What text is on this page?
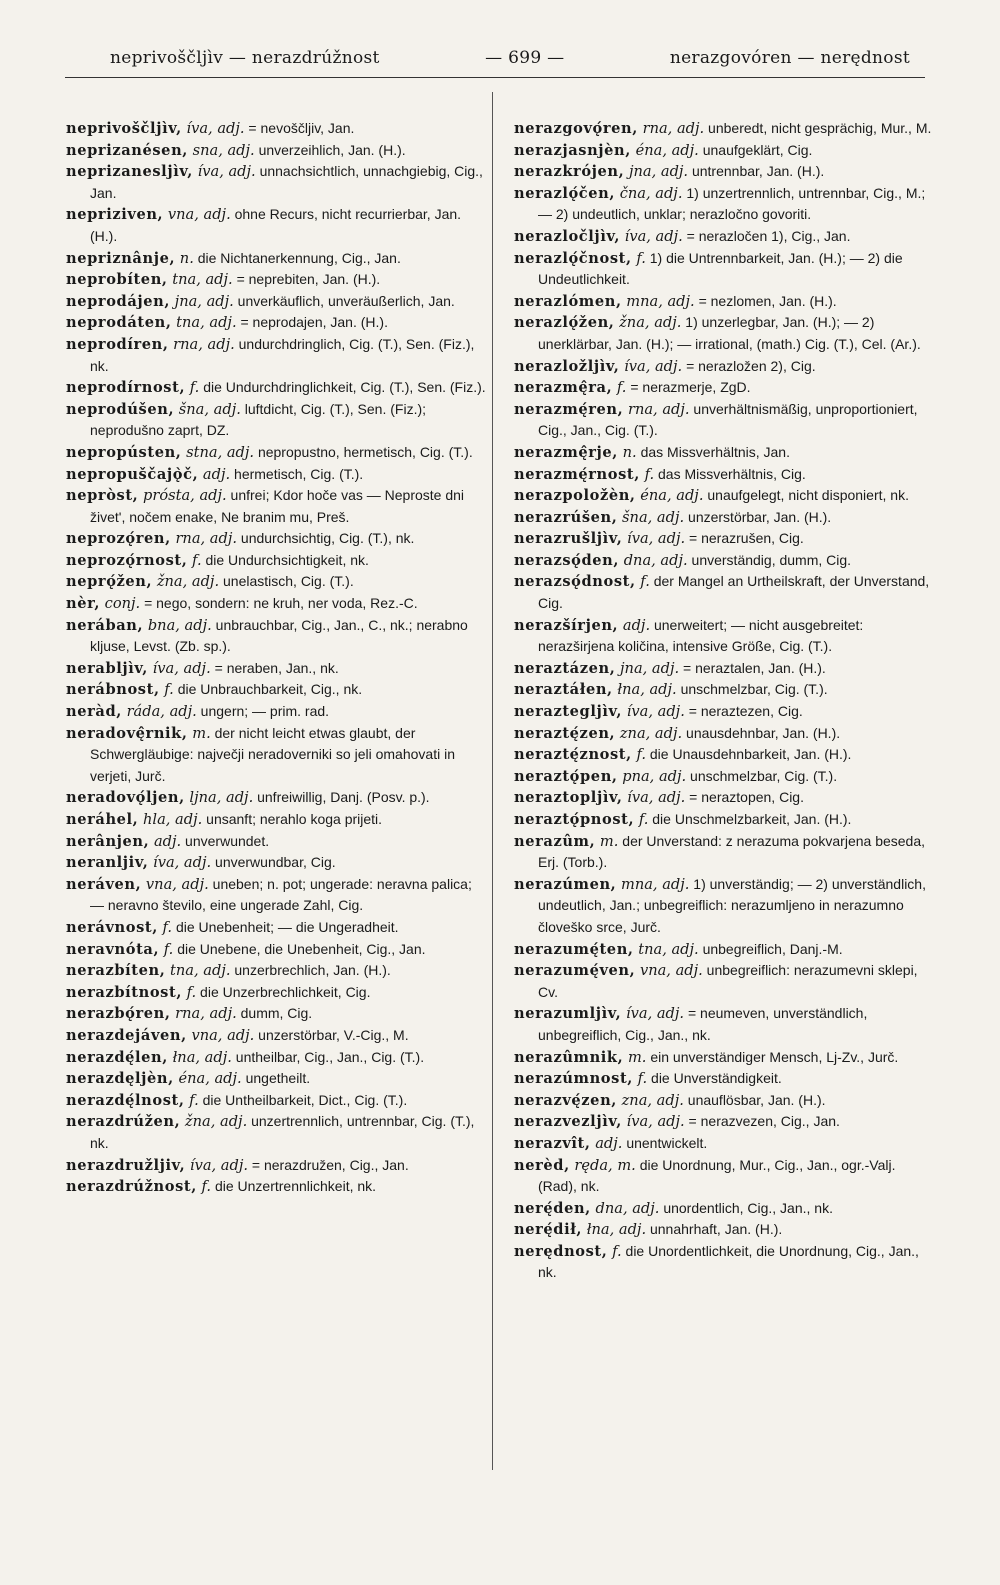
neprivoščljìv — nerazdrúžnost	— 699 —	nerazgovóren — nerędnost

neprivoščljìv, íva, adj. = nevoščljiv, Jan.

neprizanésen, sna, adj. unverzeihlich, Jan. (H.).

neprizanesljìv, íva, adj. unnachsichtlich, unnachgiebig, Cig., Jan.

nepriziven, vna, adj. ohne Recurs, nicht recurrierbar, Jan. (H.).

nepriznânje, n. die Nichtanerkennung, Cig., Jan.

neprobíten, tna, adj. = neprebiten, Jan. (H.).

neprodájen, jna, adj. unverkäuflich, unveräußerlich, Jan.

neprodáten, tna, adj. = neprodajen, Jan. (H.).

neprodíren, rna, adj. undurchdringlich, Cig. (T.), Sen. (Fiz.), nk.

neprodírnost, f. die Undurchdringlichkeit, Cig. (T.), Sen. (Fiz.).

neprodúšen, šna, adj. luftdicht, Cig. (T.), Sen. (Fiz.); neprodušno zaprt, DZ.

nepropústen, stna, adj. nepropustno, hermetisch, Cig. (T.).

nepropuščajǫ̀č, adj. hermetisch, Cig. (T.).

nepròst, prósta, adj. unfrei; Kdor hoče vas — Neproste dni živet', nočem enake, Ne branim mu, Preš.

neprozǫ́ren, rna, adj. undurchsichtig, Cig. (T.), nk.

neprozǫ́rnost, f. die Undurchsichtigkeit, nk.

neprǫ́žen, žna, adj. unelastisch, Cig. (T.).

nèr, conj. = nego, sondern: ne kruh, ner voda, Rez.-C.

nerában, bna, adj. unbrauchbar, Cig., Jan., C., nk.; nerabno kljuse, Levst. (Zb. sp.).

nerabljìv, íva, adj. = neraben, Jan., nk.

nerábnost, f. die Unbrauchbarkeit, Cig., nk.

neràd, ráda, adj. ungern; — prim. rad.

neradovę̂rnik, m. der nicht leicht etwas glaubt, der Schwergläubige: največji neradoverniki so jeli omahovati in verjeti, Jurč.

neradovǫ́ljen, ljna, adj. unfreiwillig, Danj. (Posv. p.).

neráhel, hla, adj. unsanft; nerahlo koga prijeti.

nerânjen, adj. unverwundet.

neranljiv, íva, adj. unverwundbar, Cig.

neráven, vna, adj. uneben; n. pot; ungerade: neravna palica; — neravno število, eine ungerade Zahl, Cig.

nerávnost, f. die Unebenheit; — die Ungeradheit.

neravnóta, f. die Unebene, die Unebenheit, Cig., Jan.

nerazbíten, tna, adj. unzerbrechlich, Jan. (H.).

nerazbítnost, f. die Unzerbrechlichkeit, Cig.

nerazbǫ́ren, rna, adj. dumm, Cig.

nerazdejáven, vna, adj. unzerstörbar, V.-Cig., M.

nerazdę́len, łna, adj. untheilbar, Cig., Jan., Cig. (T.).

nerazdęljèn, éna, adj. ungetheilt.

nerazdę́lnost, f. die Untheilbarkeit, Dict., Cig. (T.).

nerazdrúžen, žna, adj. unzertrennlich, untrennbar, Cig. (T.), nk.

nerazdružljiv, íva, adj. = nerazdružen, Cig., Jan.

nerazdrúžnost, f. die Unzertrennlichkeit, nk.

nerazgovǫ́ren, rna, adj. unberedt, nicht gesprächig, Mur., M.

nerazjasnjèn, éna, adj. unaufgeklärt, Cig.

nerazkrójen, jna, adj. untrennbar, Jan. (H.).

nerazlǫ́čen, čna, adj. 1) unzertrennlich, untrennbar, Cig., M.; — 2) undeutlich, unklar; nerazločno govoriti.

nerazločljìv, íva, adj. = nerazločen 1), Cig., Jan.

nerazlǫ́čnost, f. 1) die Untrennbarkeit, Jan. (H.); — 2) die Undeutlichkeit.

nerazlómen, mna, adj. = nezlomen, Jan. (H.).

nerazlǫ́žen, žna, adj. 1) unzerlegbar, Jan. (H.); — 2) unerklärbar, Jan. (H.); — irrational, (math.) Cig. (T.), Cel. (Ar.).

nerazložljìv, íva, adj. = nerazložen 2), Cig.

nerazmę̂ra, f. = nerazmerje, ZgD.

nerazmę́ren, rna, adj. unverhältnismäßig, unproportioniert, Cig., Jan., Cig. (T.).

nerazmę̂rje, n. das Missverhältnis, Jan.

nerazmę́rnost, f. das Missverhältnis, Cig.

nerazpoložèn, éna, adj. unaufgelegt, nicht disponiert, nk.

nerazrúšen, šna, adj. unzerstörbar, Jan. (H.).

nerazrušljìv, íva, adj. = nerazrušen, Cig.

nerazsǫ́den, dna, adj. unverständig, dumm, Cig.

nerazsǫ́dnost, f. der Mangel an Urtheilskraft, der Unverstand, Cig.

nerazšírjen, adj. unerweitert; — nicht ausgebreitet: nerazširjena količina, intensive Größe, Cig. (T.).

neraztázen, jna, adj. = neraztalen, Jan. (H.).

neraztáłen, łna, adj. unschmelzbar, Cig. (T.).

neraztegljìv, íva, adj. = neraztezen, Cig.

neraztę́zen, zna, adj. unausdehnbar, Jan. (H.).

neraztę́znost, f. die Unausdehnbarkeit, Jan. (H.).

neraztǫ́pen, pna, adj. unschmelzbar, Cig. (T.).

neraztopljìv, íva, adj. = neraztopen, Cig.

neraztǫ́pnost, f. die Unschmelzbarkeit, Jan. (H.).

nerazûm, m. der Unverstand: z nerazuma pokvarjena beseda, Erj. (Torb.).

nerazúmen, mna, adj. 1) unverständig; — 2) unverständlich, undeutlich, Jan.; unbegreiflich: nerazumljeno in nerazumno človeško srce, Jurč.

nerazumę́ten, tna, adj. unbegreiflich, Danj.-M.

nerazumę́ven, vna, adj. unbegreiflich: nerazumevni sklepi, Cv.

nerazumljìv, íva, adj. = neumeven, unverständlich, unbegreiflich, Cig., Jan., nk.

nerazûmnik, m. ein unverständiger Mensch, Lj-Zv., Jurč.

nerazúmnost, f. die Unverständigkeit.

nerazvę́zen, zna, adj. unauflösbar, Jan. (H.).

nerazvezljìv, íva, adj. = nerazvezen, Cig., Jan.

nerazvît, adj. unentwickelt.

nerèd, ręda, m. die Unordnung, Mur., Cig., Jan., ogr.-Valj. (Rad), nk.

nerę́den, dna, adj. unordentlich, Cig., Jan., nk.

nerę́dił, łna, adj. unnahrhaft, Jan. (H.).

nerędnost, f. die Unordentlichkeit, die Unordnung, Cig., Jan., nk.
